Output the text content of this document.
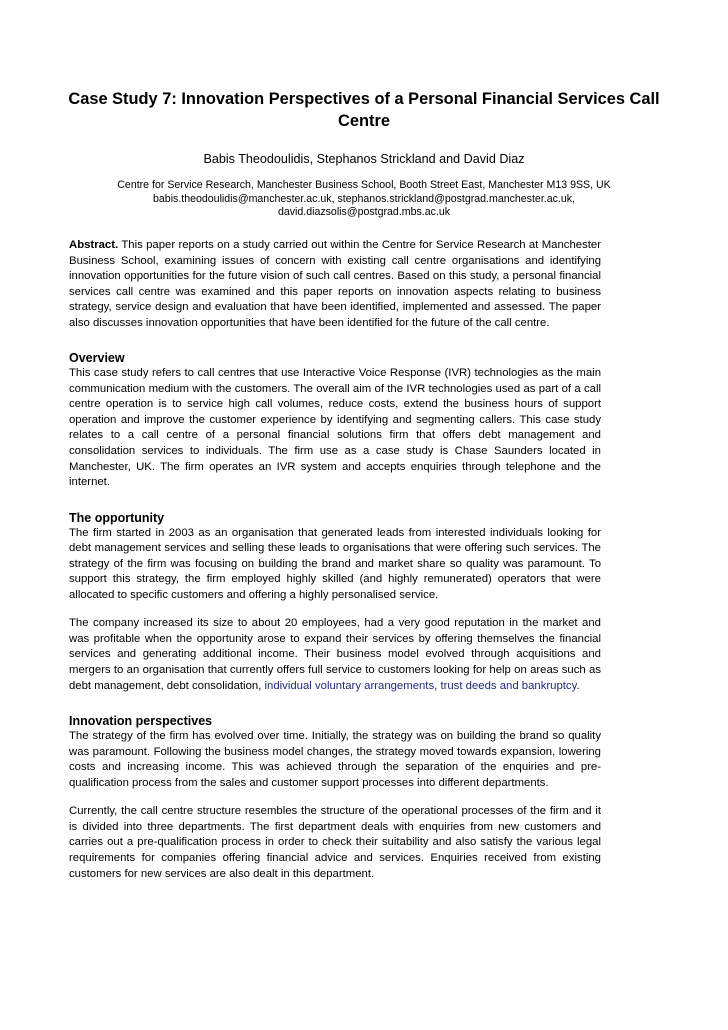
Case Study 7: Innovation Perspectives of a Personal Financial Services Call Centre
Babis Theodoulidis, Stephanos Strickland and David Diaz
Centre for Service Research, Manchester Business School, Booth Street East, Manchester M13 9SS, UK
babis.theodoulidis@manchester.ac.uk, stephanos.strickland@postgrad.manchester.ac.uk, david.diazsolis@postgrad.mbs.ac.uk

Abstract. This paper reports on a study carried out within the Centre for Service Research at Manchester Business School, examining issues of concern with existing call centre organisations and identifying innovation opportunities for the future vision of such call centres. Based on this study, a personal financial services call centre was examined and this paper reports on innovation aspects relating to business strategy, service design and evaluation that have been identified, implemented and assessed. The paper also discusses innovation opportunities that have been identified for the future of the call centre.

Overview

This case study refers to call centres that use Interactive Voice Response (IVR) technologies as the main communication medium with the customers. The overall aim of the IVR technologies used as part of a call centre operation is to service high call volumes, reduce costs, extend the business hours of support operation and improve the customer experience by identifying and segmenting callers. This case study relates to a call centre of a personal financial solutions firm that offers debt management and consolidation services to individuals. The firm use as a case study is Chase Saunders located in Manchester, UK. The firm operates an IVR system and accepts enquiries through telephone and the internet.

The opportunity

The firm started in 2003 as an organisation that generated leads from interested individuals looking for debt management services and selling these leads to organisations that were offering such services. The strategy of the firm was focusing on building the brand and market share so quality was paramount. To support this strategy, the firm employed highly skilled (and highly remunerated) operators that were allocated to specific customers and offering a highly personalised service.

The company increased its size to about 20 employees, had a very good reputation in the market and was profitable when the opportunity arose to expand their services by offering themselves the financial services and generating additional income. Their business model evolved through acquisitions and mergers to an organisation that currently offers full service to customers looking for help on areas such as debt management, debt consolidation, individual voluntary arrangements, trust deeds and bankruptcy.

Innovation perspectives

The strategy of the firm has evolved over time. Initially, the strategy was on building the brand so quality was paramount. Following the business model changes, the strategy moved towards expansion, lowering costs and increasing income. This was achieved through the separation of the enquiries and pre-qualification process from the sales and customer support processes into different departments.

Currently, the call centre structure resembles the structure of the operational processes of the firm and it is divided into three departments. The first department deals with enquiries from new customers and carries out a pre-qualification process in order to check their suitability and also satisfy the various legal requirements for companies offering financial advice and services. Enquiries received from existing customers for new services are also dealt in this department.
